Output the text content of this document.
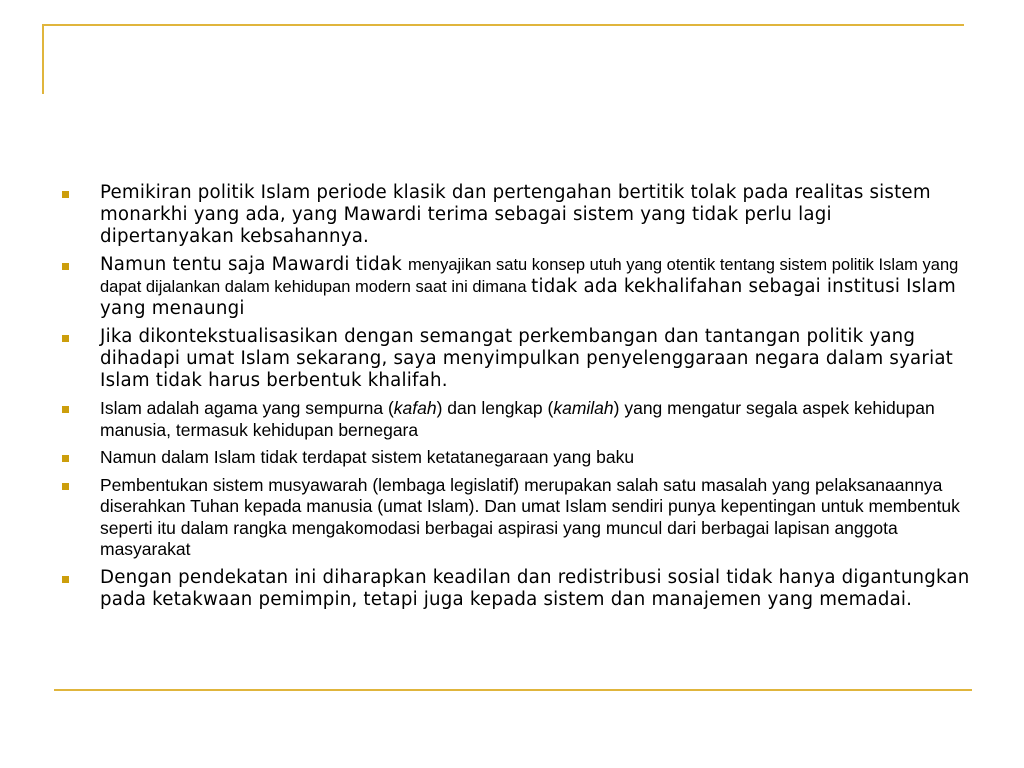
Pemikiran politik Islam periode klasik dan pertengahan bertitik tolak pada realitas sistem monarkhi yang ada, yang Mawardi terima sebagai sistem yang tidak perlu lagi dipertanyakan kebsahannya.
Namun tentu saja Mawardi tidak menyajikan satu konsep utuh yang otentik tentang sistem politik Islam yang dapat dijalankan dalam kehidupan modern saat ini dimana tidak ada kekhalifahan sebagai institusi Islam yang menaungi
Jika dikontekstualisasikan dengan semangat perkembangan dan tantangan politik yang dihadapi umat Islam sekarang, saya menyimpulkan penyelenggaraan negara dalam syariat Islam tidak harus berbentuk khalifah.
Islam adalah agama yang sempurna (kafah) dan lengkap (kamilah) yang mengatur segala aspek kehidupan manusia, termasuk kehidupan bernegara
Namun dalam Islam tidak terdapat sistem ketatanegaraan yang baku
Pembentukan sistem musyawarah (lembaga legislatif) merupakan salah satu masalah yang pelaksanaannya diserahkan Tuhan kepada manusia (umat Islam). Dan umat Islam sendiri punya kepentingan untuk membentuk seperti itu dalam rangka mengakomodasi berbagai aspirasi yang muncul dari berbagai lapisan anggota masyarakat
Dengan pendekatan ini diharapkan keadilan dan redistribusi sosial tidak hanya digantungkan pada ketakwaan pemimpin, tetapi juga kepada sistem dan manajemen yang memadai.
